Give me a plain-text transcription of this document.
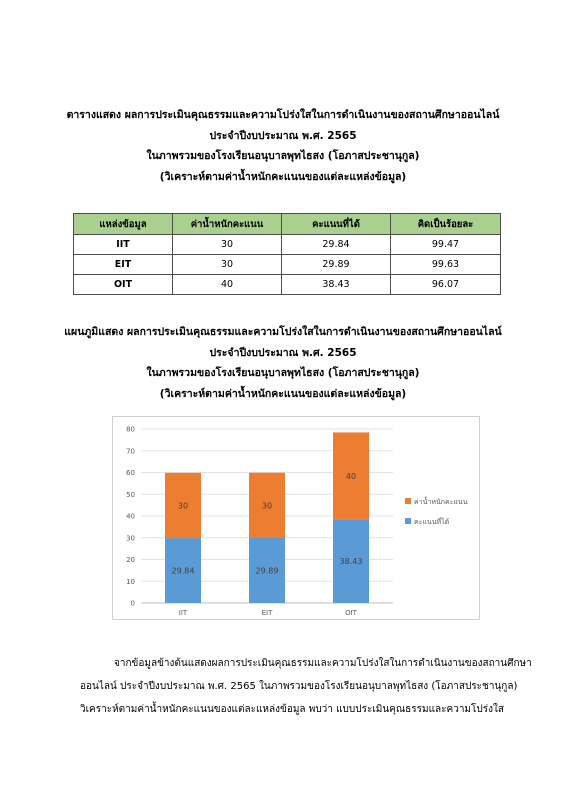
ตารางแสดง ผลการประเมินคุณธรรมและความโปร่งใสในการดำเนินงานของสถานศึกษาออนไลน์
ประจำปีงบประมาณ พ.ศ. 2565
ในภาพรวมของโรงเรียนอนุบาลพุทไธสง (โอภาสประชานุกูล)
(วิเคราะห์ตามค่าน้ำหนักคะแนนของแต่ละแหล่งข้อมูล)
แหล่งข้อมูล	ค่าน้ำหนักคะแนน	คะแนนที่ได้	คิดเป็นร้อยละ
IIT	30	29.84	99.47
EIT	30	29.89	99.63
OIT	40	38.43	96.07
แผนภูมิแสดง ผลการประเมินคุณธรรมและความโปร่งใสในการดำเนินงานของสถานศึกษาออนไลน์
ประจำปีงบประมาณ พ.ศ. 2565
ในภาพรวมของโรงเรียนอนุบาลพุทไธสง (โอภาสประชานุกูล)
(วิเคราะห์ตามค่าน้ำหนักคะแนนของแต่ละแหล่งข้อมูล)
0
10
20
30
40
50
60
70
80
29.84
30
IIT
29.89
30
EIT
38.43
40
OIT
ค่าน้ำหนักคะแนน
คะแนนที่ได้
จากข้อมูลข้างต้นแสดงผลการประเมินคุณธรรมและความโปร่งใสในการดำเนินงานของสถานศึกษา
ออนไลน์ ประจำปีงบประมาณ พ.ศ. 2565 ในภาพรวมของโรงเรียนอนุบาลพุทไธสง (โอภาสประชานุกูล)
วิเคราะห์ตามค่าน้ำหนักคะแนนของแต่ละแหล่งข้อมูล พบว่า แบบประเมินคุณธรรมและความโปร่งใส
